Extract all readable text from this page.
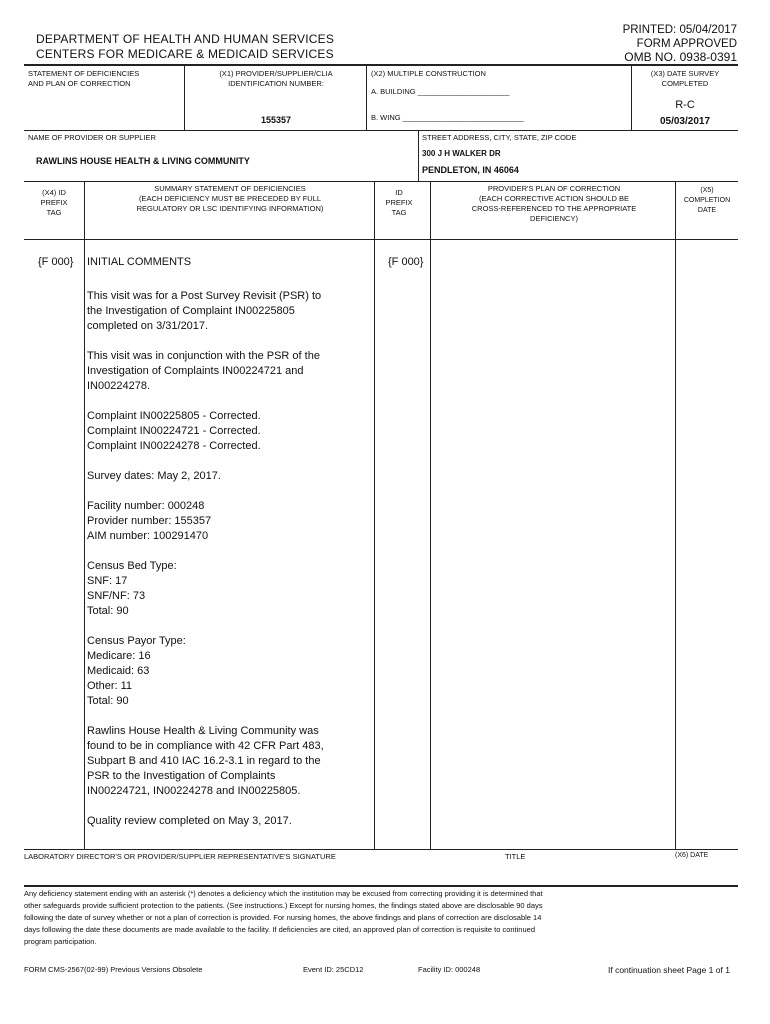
DEPARTMENT OF HEALTH AND HUMAN SERVICES
CENTERS FOR MEDICARE & MEDICAID SERVICES
PRINTED: 05/04/2017
FORM APPROVED
OMB NO. 0938-0391
STATEMENT OF DEFICIENCIES
AND PLAN OF CORRECTION
(X1) PROVIDER/SUPPLIER/CLIA
IDENTIFICATION NUMBER:
155357
(X2) MULTIPLE CONSTRUCTION
A. BUILDING ______________________
B. WING _____________________________
(X3) DATE SURVEY
COMPLETED
R-C
05/03/2017
NAME OF PROVIDER OR SUPPLIER
RAWLINS HOUSE HEALTH & LIVING COMMUNITY
STREET ADDRESS, CITY, STATE, ZIP CODE
300 J H WALKER DR
PENDLETON, IN 46064
(X4) ID
PREFIX
TAG
SUMMARY STATEMENT OF DEFICIENCIES
(EACH DEFICIENCY MUST BE PRECEDED BY FULL
REGULATORY OR LSC IDENTIFYING INFORMATION)
ID
PREFIX
TAG
PROVIDER'S PLAN OF CORRECTION
(EACH CORRECTIVE ACTION SHOULD BE
CROSS-REFERENCED TO THE APPROPRIATE
DEFICIENCY)
(X5)
COMPLETION
DATE
{F 000} INITIAL COMMENTS	{F 000}

This visit was for a Post Survey Revisit (PSR) to
the Investigation of Complaint IN00225805
completed on 3/31/2017.

This visit was in conjunction with the PSR of the
Investigation of Complaints IN00224721 and
IN00224278.

Complaint IN00225805 - Corrected.
Complaint IN00224721 - Corrected.
Complaint IN00224278 - Corrected.

Survey dates: May 2, 2017.

Facility number: 000248
Provider number: 155357
AIM number: 100291470

Census Bed Type:
SNF: 17
SNF/NF: 73
Total: 90

Census Payor Type:
Medicare: 16
Medicaid: 63
Other: 11
Total: 90

Rawlins House Health & Living Community was
found to be in compliance with 42 CFR Part 483,
Subpart B and 410 IAC 16.2-3.1 in regard to the
PSR to the Investigation of Complaints
IN00224721, IN00224278 and IN00225805.

Quality review completed on May 3, 2017.

LABORATORY DIRECTOR'S OR PROVIDER/SUPPLIER REPRESENTATIVE'S SIGNATURE	TITLE	(X6) DATE
Any deficiency statement ending with an asterisk (*) denotes a deficiency which the institution may be excused from correcting providing it is determined that
other safeguards provide sufficient protection to the patients. (See instructions.) Except for nursing homes, the findings stated above are disclosable 90 days
following the date of survey whether or not a plan of correction is provided. For nursing homes, the above findings and plans of correction are disclosable 14
days following the date these documents are made available to the facility. If deficiencies are cited, an approved plan of correction is requisite to continued
program participation.
FORM CMS-2567(02-99) Previous Versions Obsolete	Event ID: 25CD12	Facility ID: 000248	If continuation sheet Page 1 of 1
